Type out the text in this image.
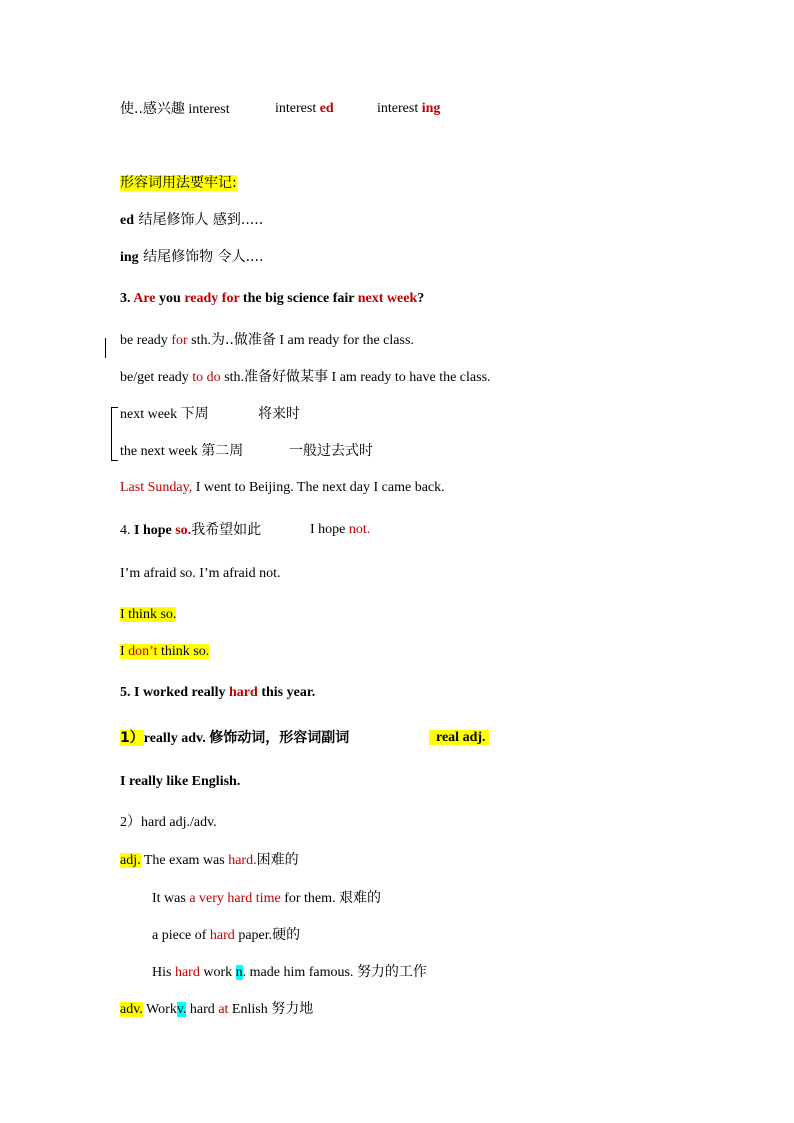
使..感兴趣 interest	interest ed	interest ing
形容词用法要牢记:
ed 结尾修饰人 感到.....
ing 结尾修饰物 令人....
3. Are you ready for the big science fair next week?
be ready for sth.为..做准备 I am ready for the class.
be/get ready to do sth.准备好做某事 I am ready to have the class.
next week 下周	将来时
the next week 第二周	一般过去式时
Last Sunday, I went to Beijing. The next day I came back.
4. I hope so.我希望如此	I hope not.
I’m afraid so. I’m afraid not.
I think so.
I don’t think so.
5. I worked really hard this year.
1）really adv. 修饰动词，形容词副词	real adj.
I really like English.
2）hard adj./adv.
adj. The exam was hard.困难的
It was a very hard time for them. 艰难的
a piece of hard paper.硬的
His hard work n. made him famous. 努力的工作
adv. Workv. hard at Enlish 努力地
